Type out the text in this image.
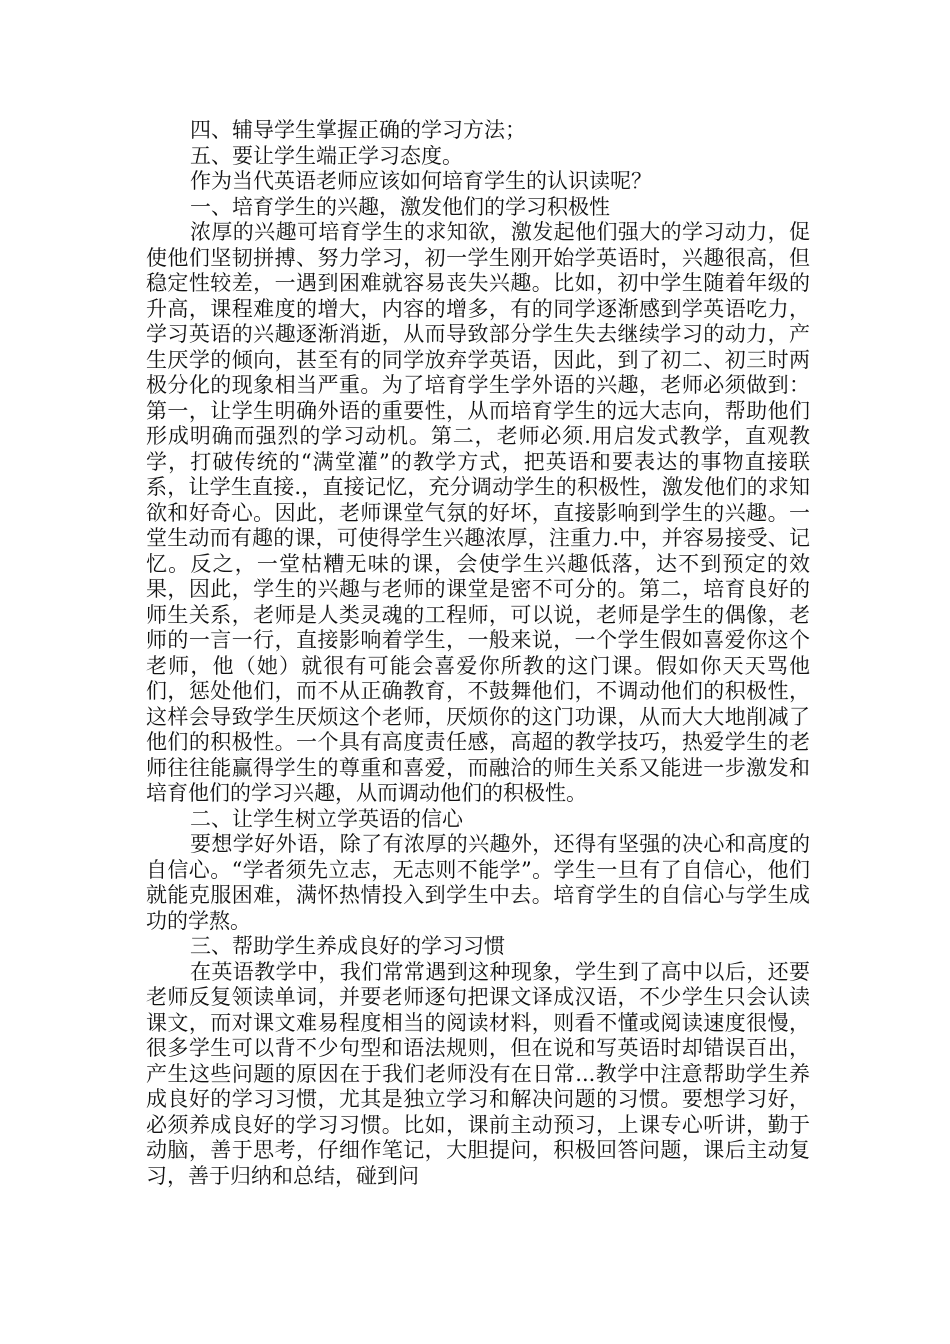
四、辅导学生掌握正确的学习方法；

五、要让学生端正学习态度。

作为当代英语老师应该如何培育学生的认识读呢？

一、培育学生的兴趣，激发他们的学习积极性

浓厚的兴趣可培育学生的求知欲，激发起他们强大的学习动力，促使他们坚韧拼搏、努力学习，初一学生刚开始学英语时，兴趣很高，但稳定性较差，一遇到困难就容易丧失兴趣。比如，初中学生随着年级的升高，课程难度的增大，内容的增多，有的同学逐渐感到学英语吃力，学习英语的兴趣逐渐消逝，从而导致部分学生失去继续学习的动力，产生厌学的倾向，甚至有的同学放弃学英语，因此，到了初二、初三时两极分化的现象相当严重。为了培育学生学外语的兴趣，老师必须做到：第一，让学生明确外语的重要性，从而培育学生的远大志向，帮助他们形成明确而强烈的学习动机。第二，老师必须.用启发式教学，直观教学，打破传统的“满堂灌”的教学方式，把英语和要表达的事物直接联系，让学生直接.，直接记忆，充分调动学生的积极性，激发他们的求知欲和好奇心。因此，老师课堂气氛的好坏，直接影响到学生的兴趣。一堂生动而有趣的课，可使得学生兴趣浓厚，注重力.中，并容易接受、记忆。反之，一堂枯糟无味的课，会使学生兴趣低落，达不到预定的效果，因此，学生的兴趣与老师的课堂是密不可分的。第二，培育良好的师生关系，老师是人类灵魂的工程师，可以说，老师是学生的偶像，老师的一言一行，直接影响着学生，一般来说，一个学生假如喜爱你这个老师，他（她）就很有可能会喜爱你所教的这门课。假如你天天骂他们，惩处他们，而不从正确教育，不鼓舞他们，不调动他们的积极性，这样会导致学生厌烦这个老师，厌烦你的这门功课，从而大大地削减了他们的积极性。一个具有高度责任感，高超的教学技巧，热爱学生的老师往往能赢得学生的尊重和喜爱，而融洽的师生关系又能进一步激发和培育他们的学习兴趣，从而调动他们的积极性。

二、让学生树立学英语的信心

要想学好外语，除了有浓厚的兴趣外，还得有坚强的决心和高度的自信心。“学者须先立志，无志则不能学”。学生一旦有了自信心，他们就能克服困难，满怀热情投入到学生中去。培育学生的自信心与学生成功的学熬。

三、帮助学生养成良好的学习习惯

在英语教学中，我们常常遇到这种现象，学生到了高中以后，还要老师反复领读单词，并要老师逐句把课文译成汉语，不少学生只会认读课文，而对课文难易程度相当的阅读材料，则看不懂或阅读速度很慢，很多学生可以背不少句型和语法规则，但在说和写英语时却错误百出，产生这些问题的原因在于我们老师没有在日常...教学中注意帮助学生养成良好的学习习惯，尤其是独立学习和解决问题的习惯。要想学习好，必须养成良好的学习习惯。比如，课前主动预习，上课专心听讲，勤于动脑，善于思考，仔细作笔记，大胆提问，积极回答问题，课后主动复习，善于归纳和总结，碰到问
